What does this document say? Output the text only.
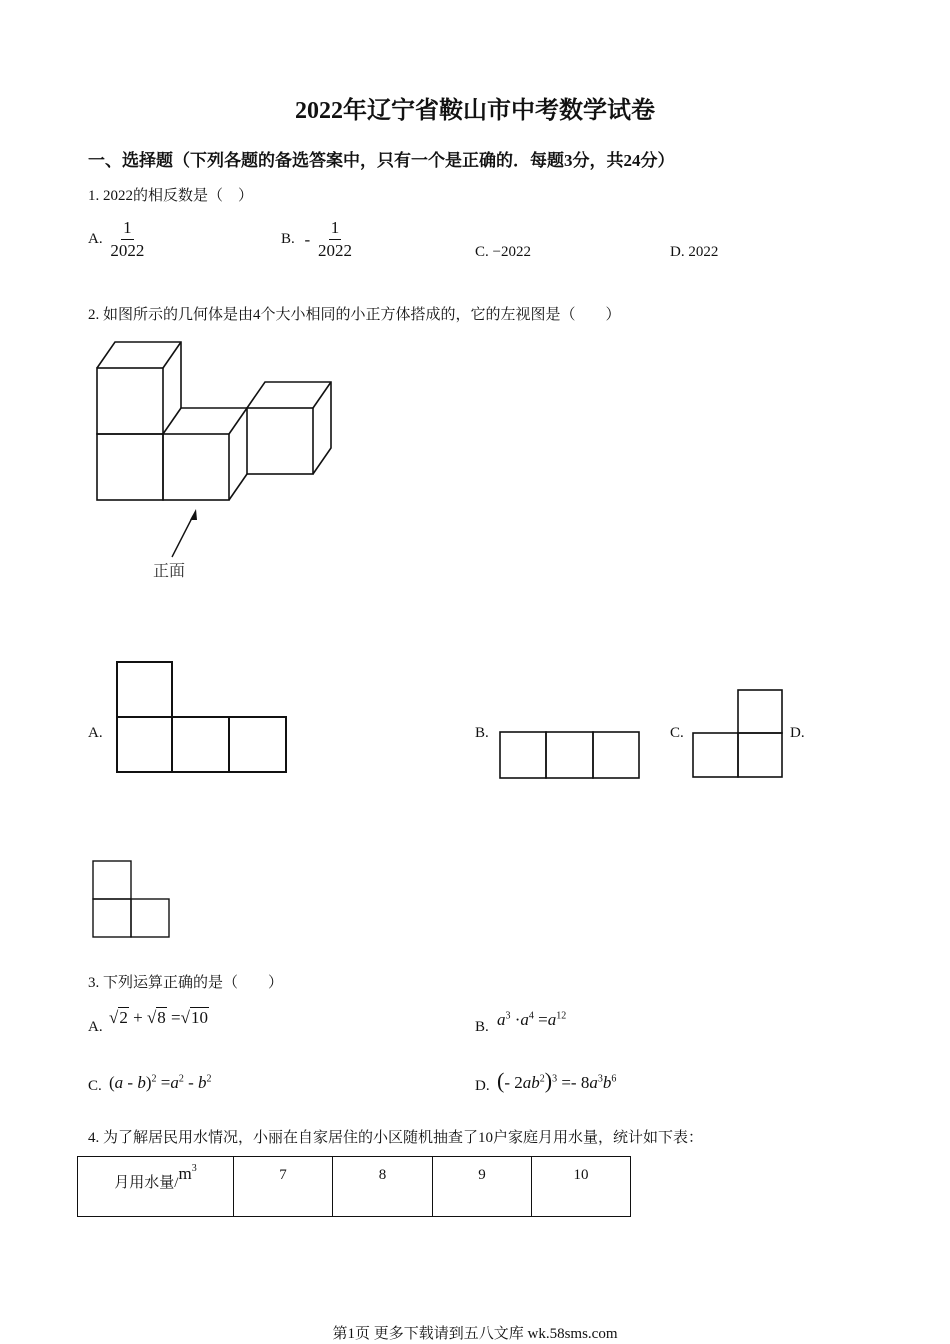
2022年辽宁省鞍山市中考数学试卷
一、选择题（下列各题的备选答案中，只有一个是正确的．每题3分，共24分）
1. 2022的相反数是（　）
A. $\frac{1}{2022}$	B. - $\frac{1}{2022}$	C. −2022	D. 2022
2. 如图所示的几何体是由4个大小相同的小正方体搭成的，它的左视图是（　　）
正面
A.	B.	C.	D.
3. 下列运算正确的是（　　）
A. √2 + √8 =√10	B. $a^3 \cdot a^4 =a^{12}$
C. $(a - b)^2 =a^2 - b^2$	D. (- $2ab^2)^3 =- 8a^3b^6$
4. 为了解居民用水情况，小丽在自家居住的小区随机抽查了10户家庭月用水量，统计如下表：
月用水量$/m^3$	7	8	9	10
第1页 更多下载请到五八文库 wk.58sms.com
